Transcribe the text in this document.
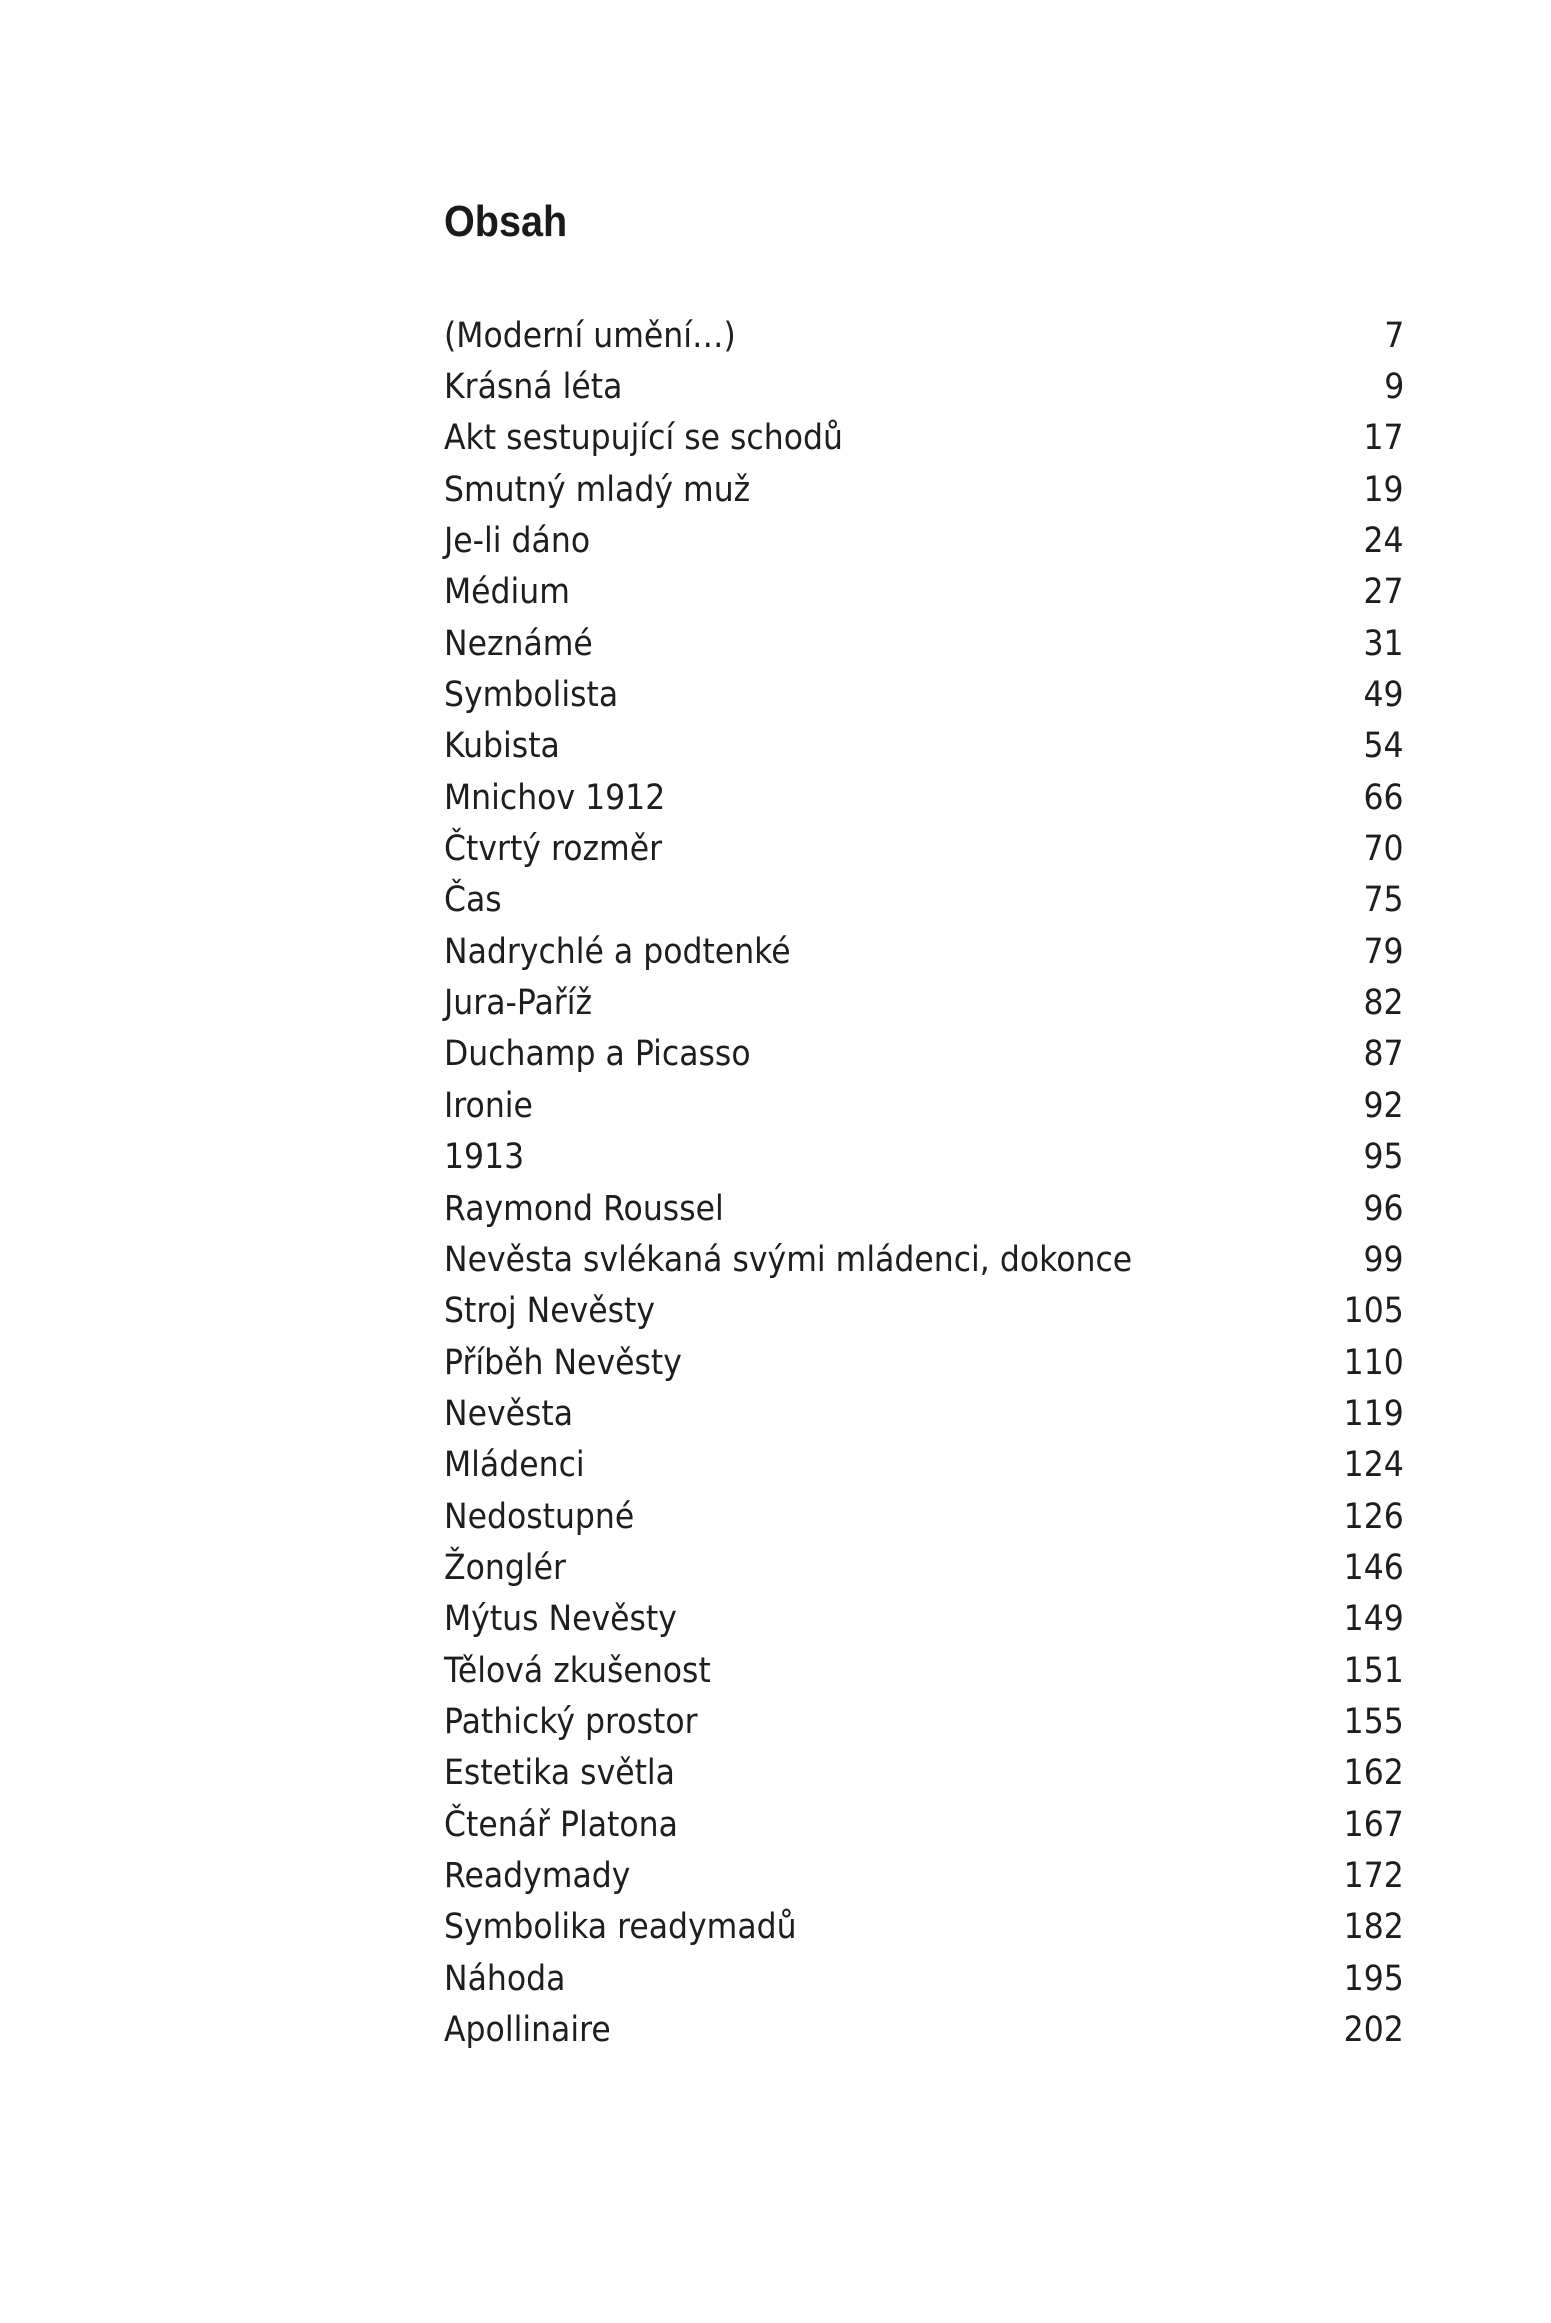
Obsah
(Moderní umění…)	7
Krásná léta	9
Akt sestupující se schodů	17
Smutný mladý muž	19
Je-li dáno	24
Médium	27
Neznámé	31
Symbolista	49
Kubista	54
Mnichov 1912	66
Čtvrtý rozměr	70
Čas	75
Nadrychlé a podtenké	79
Jura-Paříž	82
Duchamp a Picasso	87
Ironie	92
1913	95
Raymond Roussel	96
Nevěsta svlékaná svými mládenci, dokonce	99
Stroj Nevěsty	105
Příběh Nevěsty	110
Nevěsta	119
Mládenci	124
Nedostupné	126
Žonglér	146
Mýtus Nevěsty	149
Tělová zkušenost	151
Pathický prostor	155
Estetika světla	162
Čtenář Platona	167
Readymady	172
Symbolika readymadů	182
Náhoda	195
Apollinaire	202
